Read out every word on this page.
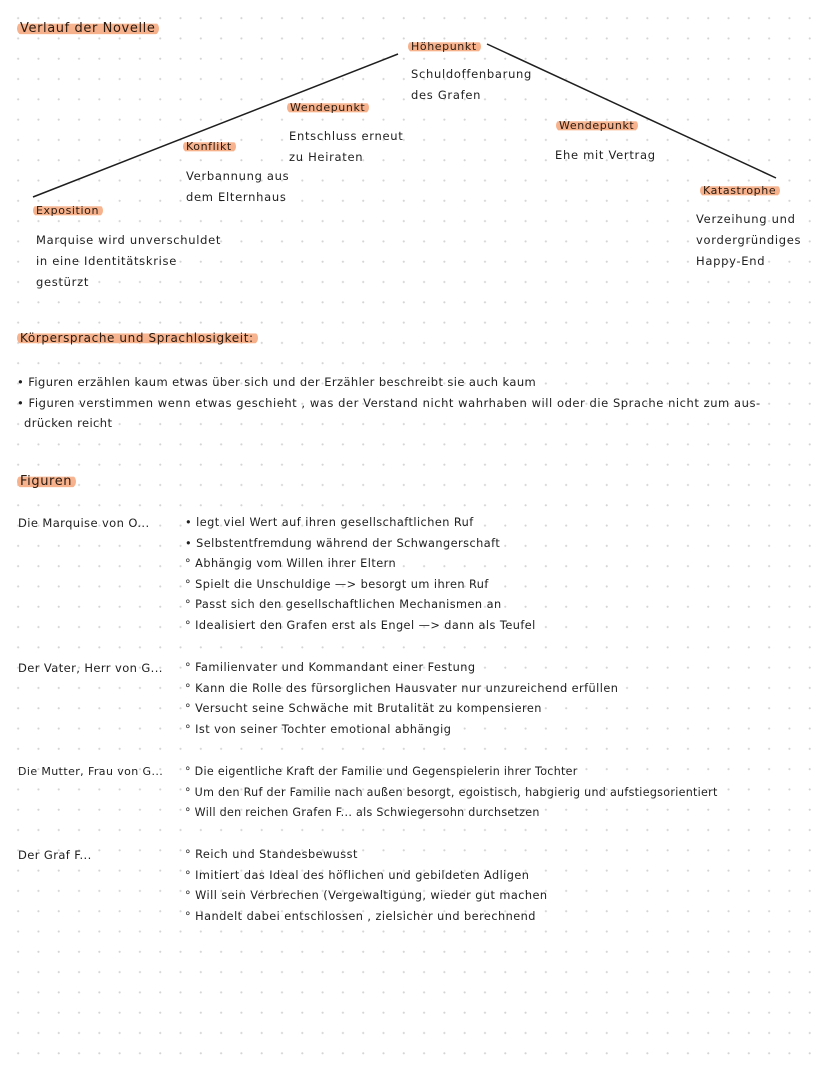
Verlauf der Novelle
Höhepunkt
Schuldoffenbarung
des Grafen
Wendepunkt
Entschluss erneut
zu Heiraten
Konflikt
Verbannung aus
dem Elternhaus
Wendepunkt
Ehe mit Vertrag
Exposition
Marquise wird unverschuldet
in eine Identitätskrise
gestürzt
Katastrophe
Verzeihung und
vordergründiges
Happy-End
Körpersprache und Sprachlosigkeit:
• Figuren erzählen kaum etwas über sich und der Erzähler beschreibt sie auch kaum
• Figuren verstimmen wenn etwas geschieht , was der Verstand nicht wahrhaben will oder die Sprache nicht zum aus-
drücken reicht
Figuren
Die Marquise von O...	• legt viel Wert auf ihren gesellschaftlichen Ruf
• Selbstentfremdung während der Schwangerschaft
° Abhängig vom Willen ihrer Eltern
° Spielt die Unschuldige —> besorgt um ihren Ruf
° Passt sich den gesellschaftlichen Mechanismen an
° Idealisiert den Grafen erst als Engel —> dann als Teufel
Der Vater, Herr von G... ° Familienvater und Kommandant einer Festung
° Kann die Rolle des fürsorglichen Hausvater nur unzureichend erfüllen
° Versucht seine Schwäche mit Brutalität zu kompensieren
° Ist von seiner Tochter emotional abhängig
Die Mutter, Frau von G... ° Die eigentliche Kraft der Familie und Gegenspielerin ihrer Tochter
° Um den Ruf der Familie nach außen besorgt, egoistisch, habgierig und aufstiegsorientiert
° Will den reichen Grafen F... als Schwiegersohn durchsetzen
Der Graf F...	° Reich und Standesbewusst
° Imitiert das Ideal des höflichen und gebildeten Adligen
° Will sein Verbrechen (Vergewaltigung, wieder gut machen
° Handelt dabei entschlossen , zielsicher und berechnend
